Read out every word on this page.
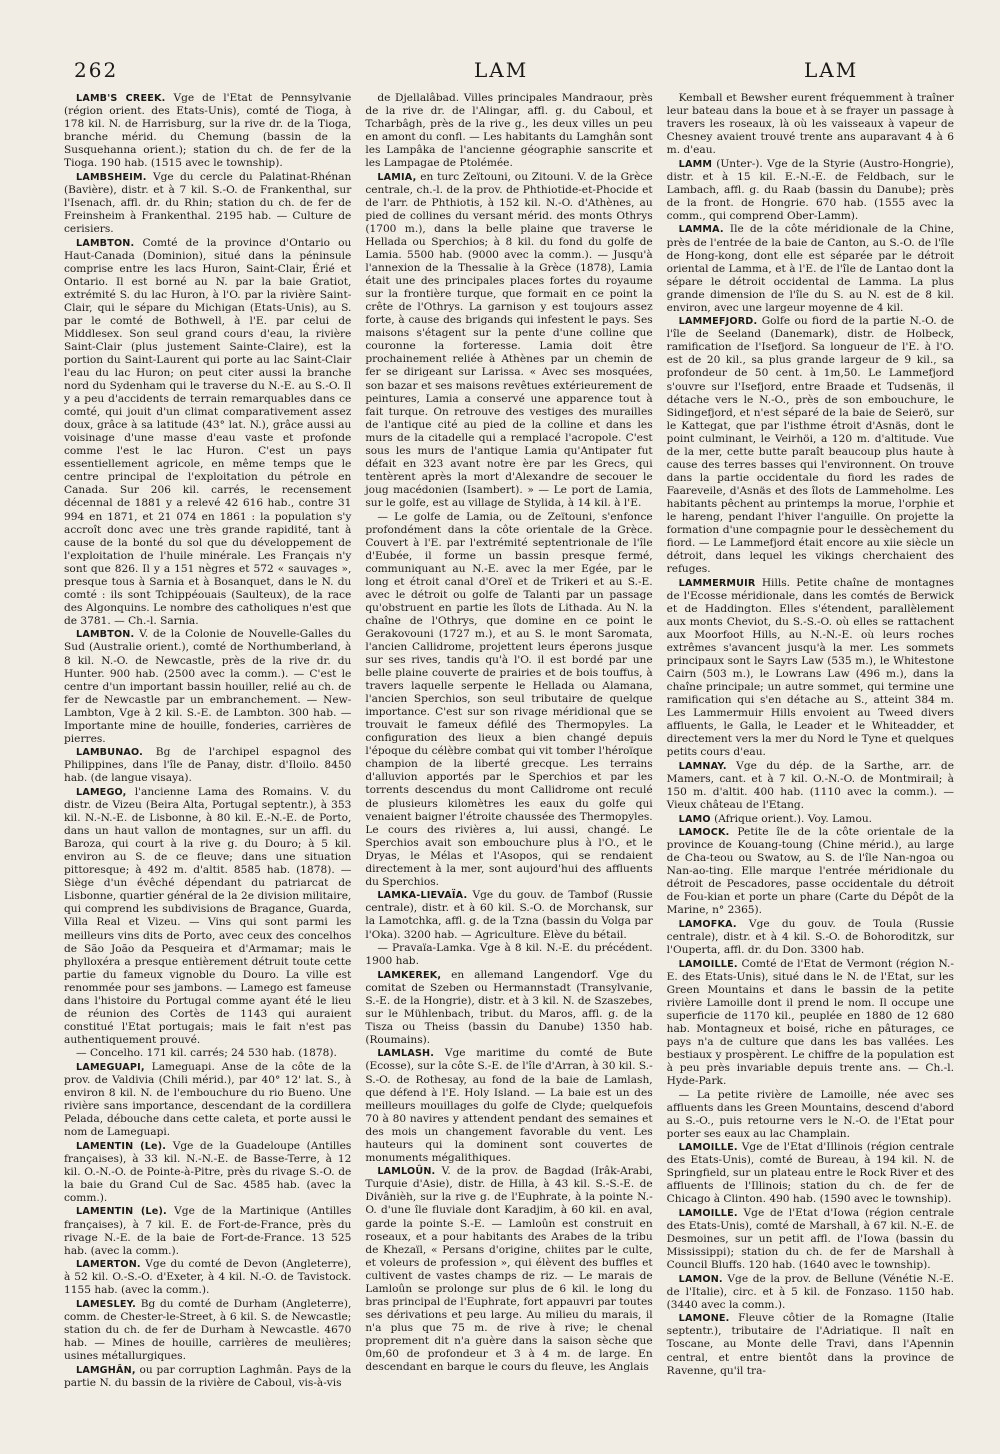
262	LAM	LAM

LAMB'S CREEK. Vge de l'Etat de Pennsylvanie (région orient. des Etats-Unis), comté de Tioga, à 178 kil. N. de Harrisburg, sur la rive dr. de la Tioga, branche mérid. du Chemung (bassin de la Susquehanna orient.); station du ch. de fer de la Tioga. 190 hab. (1515 avec le township).

LAMBSHEIM. Vge du cercle du Palatinat-Rhénan (Bavière), distr. et à 7 kil. S.-O. de Frankenthal, sur l'Isenach, affl. dr. du Rhin; station du ch. de fer de Freinsheim à Frankenthal. 2195 hab. — Culture de cerisiers.

LAMBTON. Comté de la province d'Ontario ou Haut-Canada (Dominion), situé dans la péninsule comprise entre les lacs Huron, Saint-Clair, Érié et Ontario. Il est borné au N. par la baie Gratiot, extrémité S. du lac Huron, à l'O. par la rivière Saint-Clair, qui le sépare du Michigan (Etats-Unis), au S. par le comté de Bothwell, à l'E. par celui de Middlesex. Son seul grand cours d'eau, la rivière Saint-Clair (plus justement Sainte-Claire), est la portion du Saint-Laurent qui porte au lac Saint-Clair l'eau du lac Huron; on peut citer aussi la branche nord du Sydenham qui le traverse du N.-E. au S.-O. Il y a peu d'accidents de terrain remarquables dans ce comté, qui jouit d'un climat comparativement assez doux, grâce à sa latitude (43° lat. N.), grâce aussi au voisinage d'une masse d'eau vaste et profonde comme l'est le lac Huron. C'est un pays essentiellement agricole, en même temps que le centre principal de l'exploitation du pétrole en Canada. Sur 206 kil. carrés, le recensement décennal de 1881 y a relevé 42 616 hab., contre 31 994 en 1871, et 21 074 en 1861 : la population s'y accroît donc avec une très grande rapidité, tant à cause de la bonté du sol que du développement de l'exploitation de l'huile minérale. Les Français n'y sont que 826. Il y a 151 nègres et 572 « sauvages », presque tous à Sarnia et à Bosanquet, dans le N. du comté : ils sont Tchippéouais (Saulteux), de la race des Algonquins. Le nombre des catholiques n'est que de 3781. — Ch.-l. Sarnia.

LAMBTON. V. de la Colonie de Nouvelle-Galles du Sud (Australie orient.), comté de Northumberland, à 8 kil. N.-O. de Newcastle, près de la rive dr. du Hunter. 900 hab. (2500 avec la comm.). — C'est le centre d'un important bassin houiller, relié au ch. de fer de Newcastle par un embranchement. — New-Lambton, Vge à 2 kil. S.-E. de Lambton. 300 hab. — Importante mine de houille, fonderies, carrières de pierres.

LAMBUNAO. Bg de l'archipel espagnol des Philippines, dans l'île de Panay, distr. d'Iloilo. 8450 hab. (de langue visaya).

LAMEGO, l'ancienne Lama des Romains. V. du distr. de Vizeu (Beira Alta, Portugal septentr.), à 353 kil. N.-N.-E. de Lisbonne, à 80 kil. E.-N.-E. de Porto, dans un haut vallon de montagnes, sur un affl. du Baroza, qui court à la rive g. du Douro; à 5 kil. environ au S. de ce fleuve; dans une situation pittoresque; à 492 m. d'altit. 8585 hab. (1878). — Siège d'un évêché dépendant du patriarcat de Lisbonne, quartier général de la 2e division militaire, qui comprend les subdivisions de Bragance, Guarda, Villa Real et Vizeu. — Vins qui sont parmi les meilleurs vins dits de Porto, avec ceux des concelhos de São João da Pesqueira et d'Armamar; mais le phylloxéra a presque entièrement détruit toute cette partie du fameux vignoble du Douro. La ville est renommée pour ses jambons. — Lamego est fameuse dans l'histoire du Portugal comme ayant été le lieu de réunion des Cortès de 1143 qui auraient constitué l'Etat portugais; mais le fait n'est pas authentiquement prouvé.

— Concelho. 171 kil. carrés; 24 530 hab. (1878).

LAMEGUAPI, Lameguapi. Anse de la côte de la prov. de Valdivia (Chili mérid.), par 40° 12' lat. S., à environ 8 kil. N. de l'embouchure du rio Bueno. Une rivière sans importance, descendant de la cordillera Pelada, débouche dans cette caleta, et porte aussi le nom de Lameguapi.

LAMENTIN (Le). Vge de la Guadeloupe (Antilles françaises), à 33 kil. N.-N.-E. de Basse-Terre, à 12 kil. O.-N.-O. de Pointe-à-Pitre, près du rivage S.-O. de la baie du Grand Cul de Sac. 4585 hab. (avec la comm.).

LAMENTIN (Le). Vge de la Martinique (Antilles françaises), à 7 kil. E. de Fort-de-France, près du rivage N.-E. de la baie de Fort-de-France. 13 525 hab. (avec la comm.).

LAMERTON. Vge du comté de Devon (Angleterre), à 52 kil. O.-S.-O. d'Exeter, à 4 kil. N.-O. de Tavistock. 1155 hab. (avec la comm.).

LAMESLEY. Bg du comté de Durham (Angleterre), comm. de Chester-le-Street, à 6 kil. S. de Newcastle; station du ch. de fer de Durham à Newcastle. 4670 hab. — Mines de houille, carrières de meulières; usines métallurgiques.

LAMGHÂN, ou par corruption Laghmân. Pays de la partie N. du bassin de la rivière de Caboul, vis-à-vis

de Djellalâbad. Villes principales Mandraour, près de la rive dr. de l'Alingar, affl. g. du Caboul, et Tcharbâgh, près de la rive g., les deux villes un peu en amont du confl. — Les habitants du Lamghân sont les Lampâka de l'ancienne géographie sanscrite et les Lampagae de Ptolémée.

LAMIA, en turc Zeïtouni, ou Zitouni. V. de la Grèce centrale, ch.-l. de la prov. de Phthiotide-et-Phocide et de l'arr. de Phthiotis, à 152 kil. N.-O. d'Athènes, au pied de collines du versant mérid. des monts Othrys (1700 m.), dans la belle plaine que traverse le Hellada ou Sperchios; à 8 kil. du fond du golfe de Lamia. 5500 hab. (9000 avec la comm.). — Jusqu'à l'annexion de la Thessalie à la Grèce (1878), Lamia était une des principales places fortes du royaume sur la frontière turque, que formait en ce point la crête de l'Othrys. La garnison y est toujours assez forte, à cause des brigands qui infestent le pays. Ses maisons s'étagent sur la pente d'une colline que couronne la forteresse. Lamia doit être prochainement reliée à Athènes par un chemin de fer se dirigeant sur Larissa. « Avec ses mosquées, son bazar et ses maisons revêtues extérieurement de peintures, Lamia a conservé une apparence tout à fait turque. On retrouve des vestiges des murailles de l'antique cité au pied de la colline et dans les murs de la citadelle qui a remplacé l'acropole. C'est sous les murs de l'antique Lamia qu'Antipater fut défait en 323 avant notre ère par les Grecs, qui tentèrent après la mort d'Alexandre de secouer le joug macédonien (Isambert). » — Le port de Lamia, sur le golfe, est au village de Stylida, à 14 kil. à l'E.

— Le golfe de Lamia, ou de Zeïtouni, s'enfonce profondément dans la côte orientale de la Grèce. Couvert à l'E. par l'extrémité septentrionale de l'île d'Eubée, il forme un bassin presque fermé, communiquant au N.-E. avec la mer Egée, par le long et étroit canal d'Oreï et de Trikeri et au S.-E. avec le détroit ou golfe de Talanti par un passage qu'obstruent en partie les îlots de Lithada. Au N. la chaîne de l'Othrys, que domine en ce point le Gerakovouni (1727 m.), et au S. le mont Saromata, l'ancien Callidrome, projettent leurs éperons jusque sur ses rives, tandis qu'à l'O. il est bordé par une belle plaine couverte de prairies et de bois touffus, à travers laquelle serpente le Hellada ou Alamana, l'ancien Sperchios, son seul tributaire de quelque importance. C'est sur son rivage méridional que se trouvait le fameux défilé des Thermopyles. La configuration des lieux a bien changé depuis l'époque du célèbre combat qui vit tomber l'héroïque champion de la liberté grecque. Les terrains d'alluvion apportés par le Sperchios et par les torrents descendus du mont Callidrome ont reculé de plusieurs kilomètres les eaux du golfe qui venaient baigner l'étroite chaussée des Thermopyles. Le cours des rivières a, lui aussi, changé. Le Sperchios avait son embouchure plus à l'O., et le Dryas, le Mélas et l'Asopos, qui se rendaient directement à la mer, sont aujourd'hui des affluents du Sperchios.

LAMKA-LIEVAÏA. Vge du gouv. de Tambof (Russie centrale), distr. et à 60 kil. S.-O. de Morchansk, sur la Lamotchka, affl. g. de la Tzna (bassin du Volga par l'Oka). 3200 hab. — Agriculture. Elève du bétail.

— Pravaïa-Lamka. Vge à 8 kil. N.-E. du précédent. 1900 hab.

LAMKEREK, en allemand Langendorf. Vge du comitat de Szeben ou Hermannstadt (Transylvanie, S.-E. de la Hongrie), distr. et à 3 kil. N. de Szaszebes, sur le Mühlenbach, tribut. du Maros, affl. g. de la Tisza ou Theiss (bassin du Danube) 1350 hab. (Roumains).

LAMLASH. Vge maritime du comté de Bute (Ecosse), sur la côte S.-E. de l'île d'Arran, à 30 kil. S.-S.-O. de Rothesay, au fond de la baie de Lamlash, que défend à l'E. Holy Island. — La baie est un des meilleurs mouillages du golfe de Clyde; quelquefois 70 à 80 navires y attendent pendant des semaines et des mois un changement favorable du vent. Les hauteurs qui la dominent sont couvertes de monuments mégalithiques.

LAMLOÛN. V. de la prov. de Bagdad (Irâk-Arabi, Turquie d'Asie), distr. de Hilla, à 43 kil. S.-S.-E. de Divânièh, sur la rive g. de l'Euphrate, à la pointe N.-O. d'une île fluviale dont Karadjim, à 60 kil. en aval, garde la pointe S.-E. — Lamloûn est construit en roseaux, et a pour habitants des Arabes de la tribu de Khezaïl, « Persans d'origine, chiites par le culte, et voleurs de profession », qui élèvent des buffles et cultivent de vastes champs de riz. — Le marais de Lamloûn se prolonge sur plus de 6 kil. le long du bras principal de l'Euphrate, fort appauvri par toutes ses dérivations et peu large. Au milieu du marais, il n'a plus que 75 m. de rive à rive; le chenal proprement dit n'a guère dans la saison sèche que 0m,60 de profondeur et 3 à 4 m. de large. En descendant en barque le cours du fleuve, les Anglais

Kemball et Bewsher eurent fréquemment à traîner leur bateau dans la boue et à se frayer un passage à travers les roseaux, là où les vaisseaux à vapeur de Chesney avaient trouvé trente ans auparavant 4 à 6 m. d'eau.

LAMM (Unter-). Vge de la Styrie (Austro-Hongrie), distr. et à 15 kil. E.-N.-E. de Feldbach, sur le Lambach, affl. g. du Raab (bassin du Danube); près de la front. de Hongrie. 670 hab. (1555 avec la comm., qui comprend Ober-Lamm).

LAMMA. Ile de la côte méridionale de la Chine, près de l'entrée de la baie de Canton, au S.-O. de l'île de Hong-kong, dont elle est séparée par le détroit oriental de Lamma, et à l'E. de l'île de Lantao dont la sépare le détroit occidental de Lamma. La plus grande dimension de l'île du S. au N. est de 8 kil. environ, avec une largeur moyenne de 4 kil.

LAMMEFJORD. Golfe ou fiord de la partie N.-O. de l'île de Seeland (Danemark), distr. de Holbeck, ramification de l'Isefjord. Sa longueur de l'E. à l'O. est de 20 kil., sa plus grande largeur de 9 kil., sa profondeur de 50 cent. à 1m,50. Le Lammefjord s'ouvre sur l'Isefjord, entre Braade et Tudsenäs, il détache vers le N.-O., près de son embouchure, le Sidingefjord, et n'est séparé de la baie de Seierö, sur le Kattegat, que par l'isthme étroit d'Asnäs, dont le point culminant, le Veirhöi, a 120 m. d'altitude. Vue de la mer, cette butte paraît beaucoup plus haute à cause des terres basses qui l'environnent. On trouve dans la partie occidentale du fiord les rades de Faareveile, d'Asnäs et des îlots de Lammeholme. Les habitants pêchent au printemps la morue, l'orphie et le hareng, pendant l'hiver l'anguille. On projette la formation d'une compagnie pour le dessèchement du fiord. — Le Lammefjord était encore au xiie siècle un détroit, dans lequel les vikings cherchaient des refuges.

LAMMERMUIR Hills. Petite chaîne de montagnes de l'Ecosse méridionale, dans les comtés de Berwick et de Haddington. Elles s'étendent, parallèlement aux monts Cheviot, du S.-S.-O. où elles se rattachent aux Moorfoot Hills, au N.-N.-E. où leurs roches extrêmes s'avancent jusqu'à la mer. Les sommets principaux sont le Sayrs Law (535 m.), le Whitestone Cairn (503 m.), le Lowrans Law (496 m.), dans la chaîne principale; un autre sommet, qui termine une ramification qui s'en détache au S., atteint 384 m. Les Lammermuir Hills envoient au Tweed divers affluents, le Galla, le Leader et le Whiteadder, et directement vers la mer du Nord le Tyne et quelques petits cours d'eau.

LAMNAY. Vge du dép. de la Sarthe, arr. de Mamers, cant. et à 7 kil. O.-N.-O. de Montmirail; à 150 m. d'altit. 400 hab. (1110 avec la comm.). — Vieux château de l'Etang.

LAMO (Afrique orient.). Voy. Lamou.

LAMOCK. Petite île de la côte orientale de la province de Kouang-toung (Chine mérid.), au large de Cha-teou ou Swatow, au S. de l'île Nan-ngoa ou Nan-ao-ting. Elle marque l'entrée méridionale du détroit de Pescadores, passe occidentale du détroit de Fou-kian et porte un phare (Carte du Dépôt de la Marine, n° 2365).

LAMOFKA. Vge du gouv. de Toula (Russie centrale), distr. et à 4 kil. S.-O. de Bohoroditzk, sur l'Ouperta, affl. dr. du Don. 3300 hab.

LAMOILLE. Comté de l'Etat de Vermont (région N.-E. des Etats-Unis), situé dans le N. de l'Etat, sur les Green Mountains et dans le bassin de la petite rivière Lamoille dont il prend le nom. Il occupe une superficie de 1170 kil., peuplée en 1880 de 12 680 hab. Montagneux et boisé, riche en pâturages, ce pays n'a de culture que dans les bas vallées. Les bestiaux y prospèrent. Le chiffre de la population est à peu près invariable depuis trente ans. — Ch.-l. Hyde-Park.

— La petite rivière de Lamoille, née avec ses affluents dans les Green Mountains, descend d'abord au S.-O., puis retourne vers le N.-O. de l'Etat pour porter ses eaux au lac Champlain.

LAMOILLE. Vge de l'Etat d'Illinois (région centrale des Etats-Unis), comté de Bureau, à 194 kil. N. de Springfield, sur un plateau entre le Rock River et des affluents de l'Illinois; station du ch. de fer de Chicago à Clinton. 490 hab. (1590 avec le township).

LAMOILLE. Vge de l'Etat d'Iowa (région centrale des Etats-Unis), comté de Marshall, à 67 kil. N.-E. de Desmoines, sur un petit affl. de l'Iowa (bassin du Mississippi); station du ch. de fer de Marshall à Council Bluffs. 120 hab. (1640 avec le township).

LAMON. Vge de la prov. de Bellune (Vénétie N.-E. de l'Italie), circ. et à 5 kil. de Fonzaso. 1150 hab. (3440 avec la comm.).

LAMONE. Fleuve côtier de la Romagne (Italie septentr.), tributaire de l'Adriatique. Il naît en Toscane, au Monte delle Travi, dans l'Apennin central, et entre bientôt dans la province de Ravenne, qu'il tra-
